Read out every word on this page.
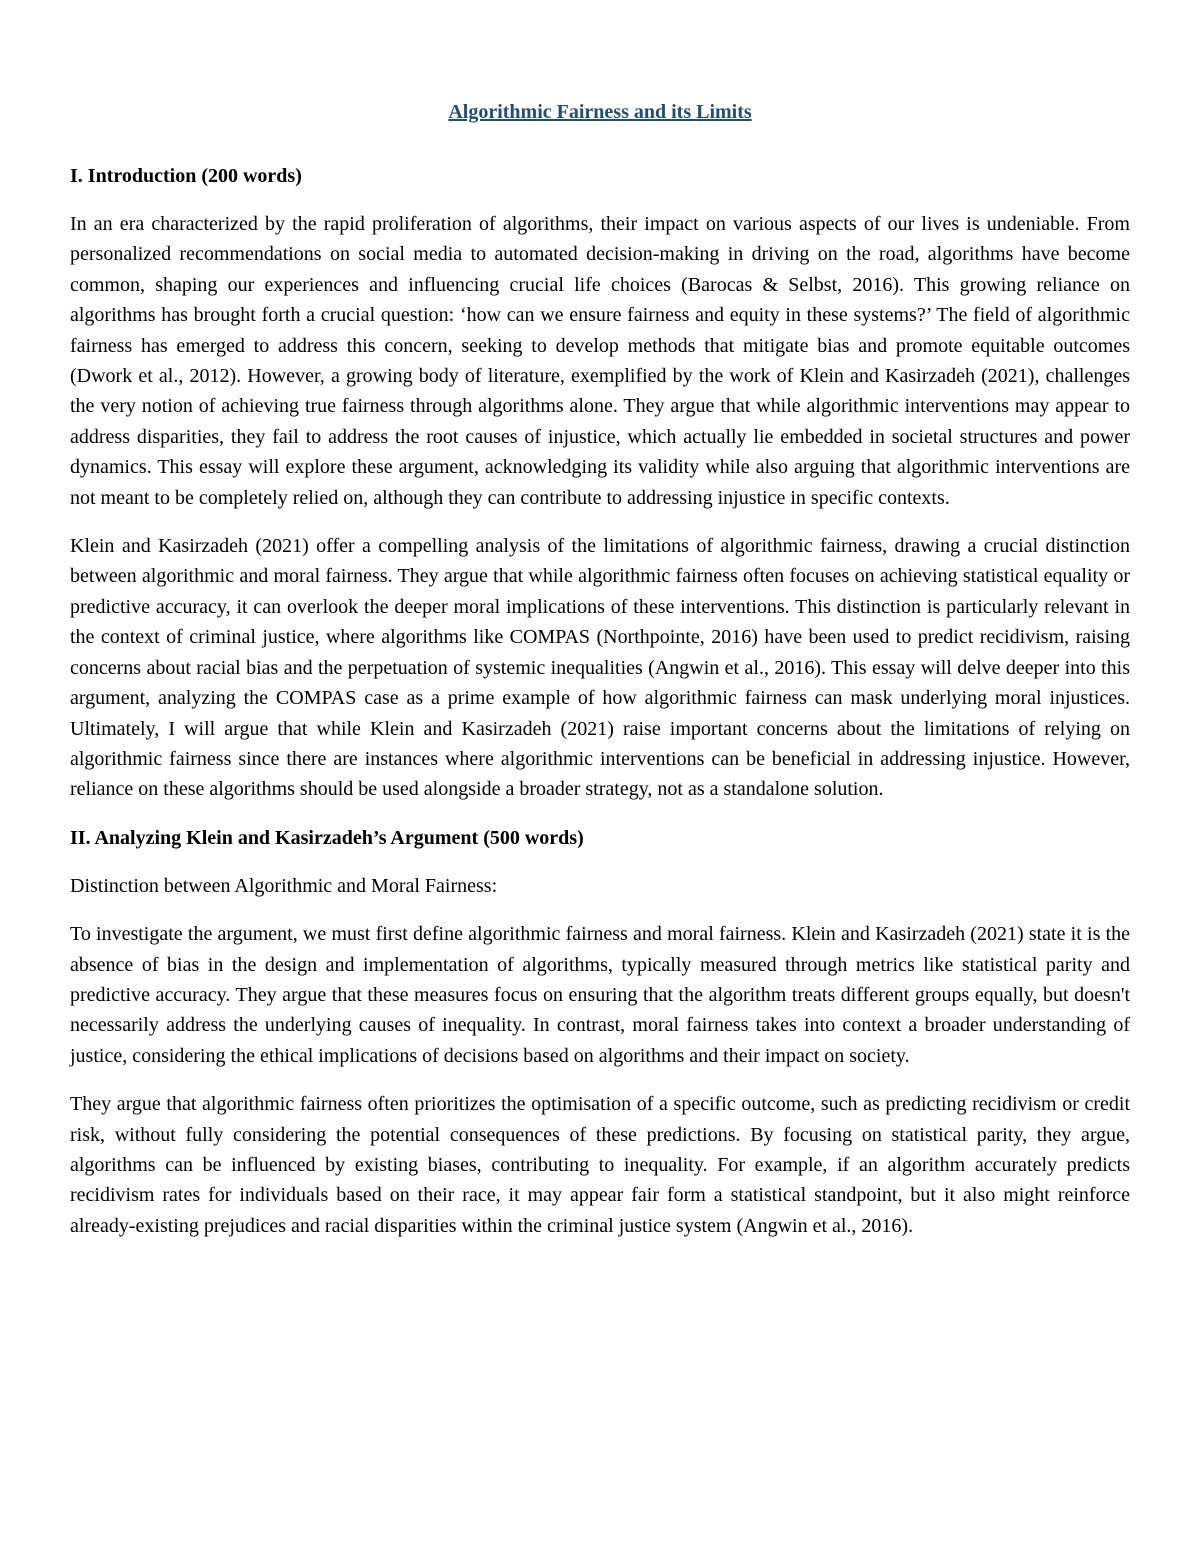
Algorithmic Fairness and its Limits
I. Introduction (200 words)

In an era characterized by the rapid proliferation of algorithms, their impact on various aspects of our lives is undeniable. From personalized recommendations on social media to automated decision-making in driving on the road, algorithms have become common, shaping our experiences and influencing crucial life choices (Barocas & Selbst, 2016). This growing reliance on algorithms has brought forth a crucial question: ‘how can we ensure fairness and equity in these systems?’ The field of algorithmic fairness has emerged to address this concern, seeking to develop methods that mitigate bias and promote equitable outcomes (Dwork et al., 2012). However, a growing body of literature, exemplified by the work of Klein and Kasirzadeh (2021), challenges the very notion of achieving true fairness through algorithms alone. They argue that while algorithmic interventions may appear to address disparities, they fail to address the root causes of injustice, which actually lie embedded in societal structures and power dynamics. This essay will explore these argument, acknowledging its validity while also arguing that algorithmic interventions are not meant to be completely relied on, although they can contribute to addressing injustice in specific contexts.

Klein and Kasirzadeh (2021) offer a compelling analysis of the limitations of algorithmic fairness, drawing a crucial distinction between algorithmic and moral fairness. They argue that while algorithmic fairness often focuses on achieving statistical equality or predictive accuracy, it can overlook the deeper moral implications of these interventions. This distinction is particularly relevant in the context of criminal justice, where algorithms like COMPAS (Northpointe, 2016) have been used to predict recidivism, raising concerns about racial bias and the perpetuation of systemic inequalities (Angwin et al., 2016). This essay will delve deeper into this argument, analyzing the COMPAS case as a prime example of how algorithmic fairness can mask underlying moral injustices. Ultimately, I will argue that while Klein and Kasirzadeh (2021) raise important concerns about the limitations of relying on algorithmic fairness since there are instances where algorithmic interventions can be beneficial in addressing injustice. However, reliance on these algorithms should be used alongside a broader strategy, not as a standalone solution.

II. Analyzing Klein and Kasirzadeh’s Argument (500 words)

Distinction between Algorithmic and Moral Fairness:

To investigate the argument, we must first define algorithmic fairness and moral fairness. Klein and Kasirzadeh (2021) state it is the absence of bias in the design and implementation of algorithms, typically measured through metrics like statistical parity and predictive accuracy. They argue that these measures focus on ensuring that the algorithm treats different groups equally, but doesn't necessarily address the underlying causes of inequality. In contrast, moral fairness takes into context a broader understanding of justice, considering the ethical implications of decisions based on algorithms and their impact on society.

They argue that algorithmic fairness often prioritizes the optimisation of a specific outcome, such as predicting recidivism or credit risk, without fully considering the potential consequences of these predictions. By focusing on statistical parity, they argue, algorithms can be influenced by existing biases, contributing to inequality. For example, if an algorithm accurately predicts recidivism rates for individuals based on their race, it may appear fair form a statistical standpoint, but it also might reinforce already-existing prejudices and racial disparities within the criminal justice system (Angwin et al., 2016).
